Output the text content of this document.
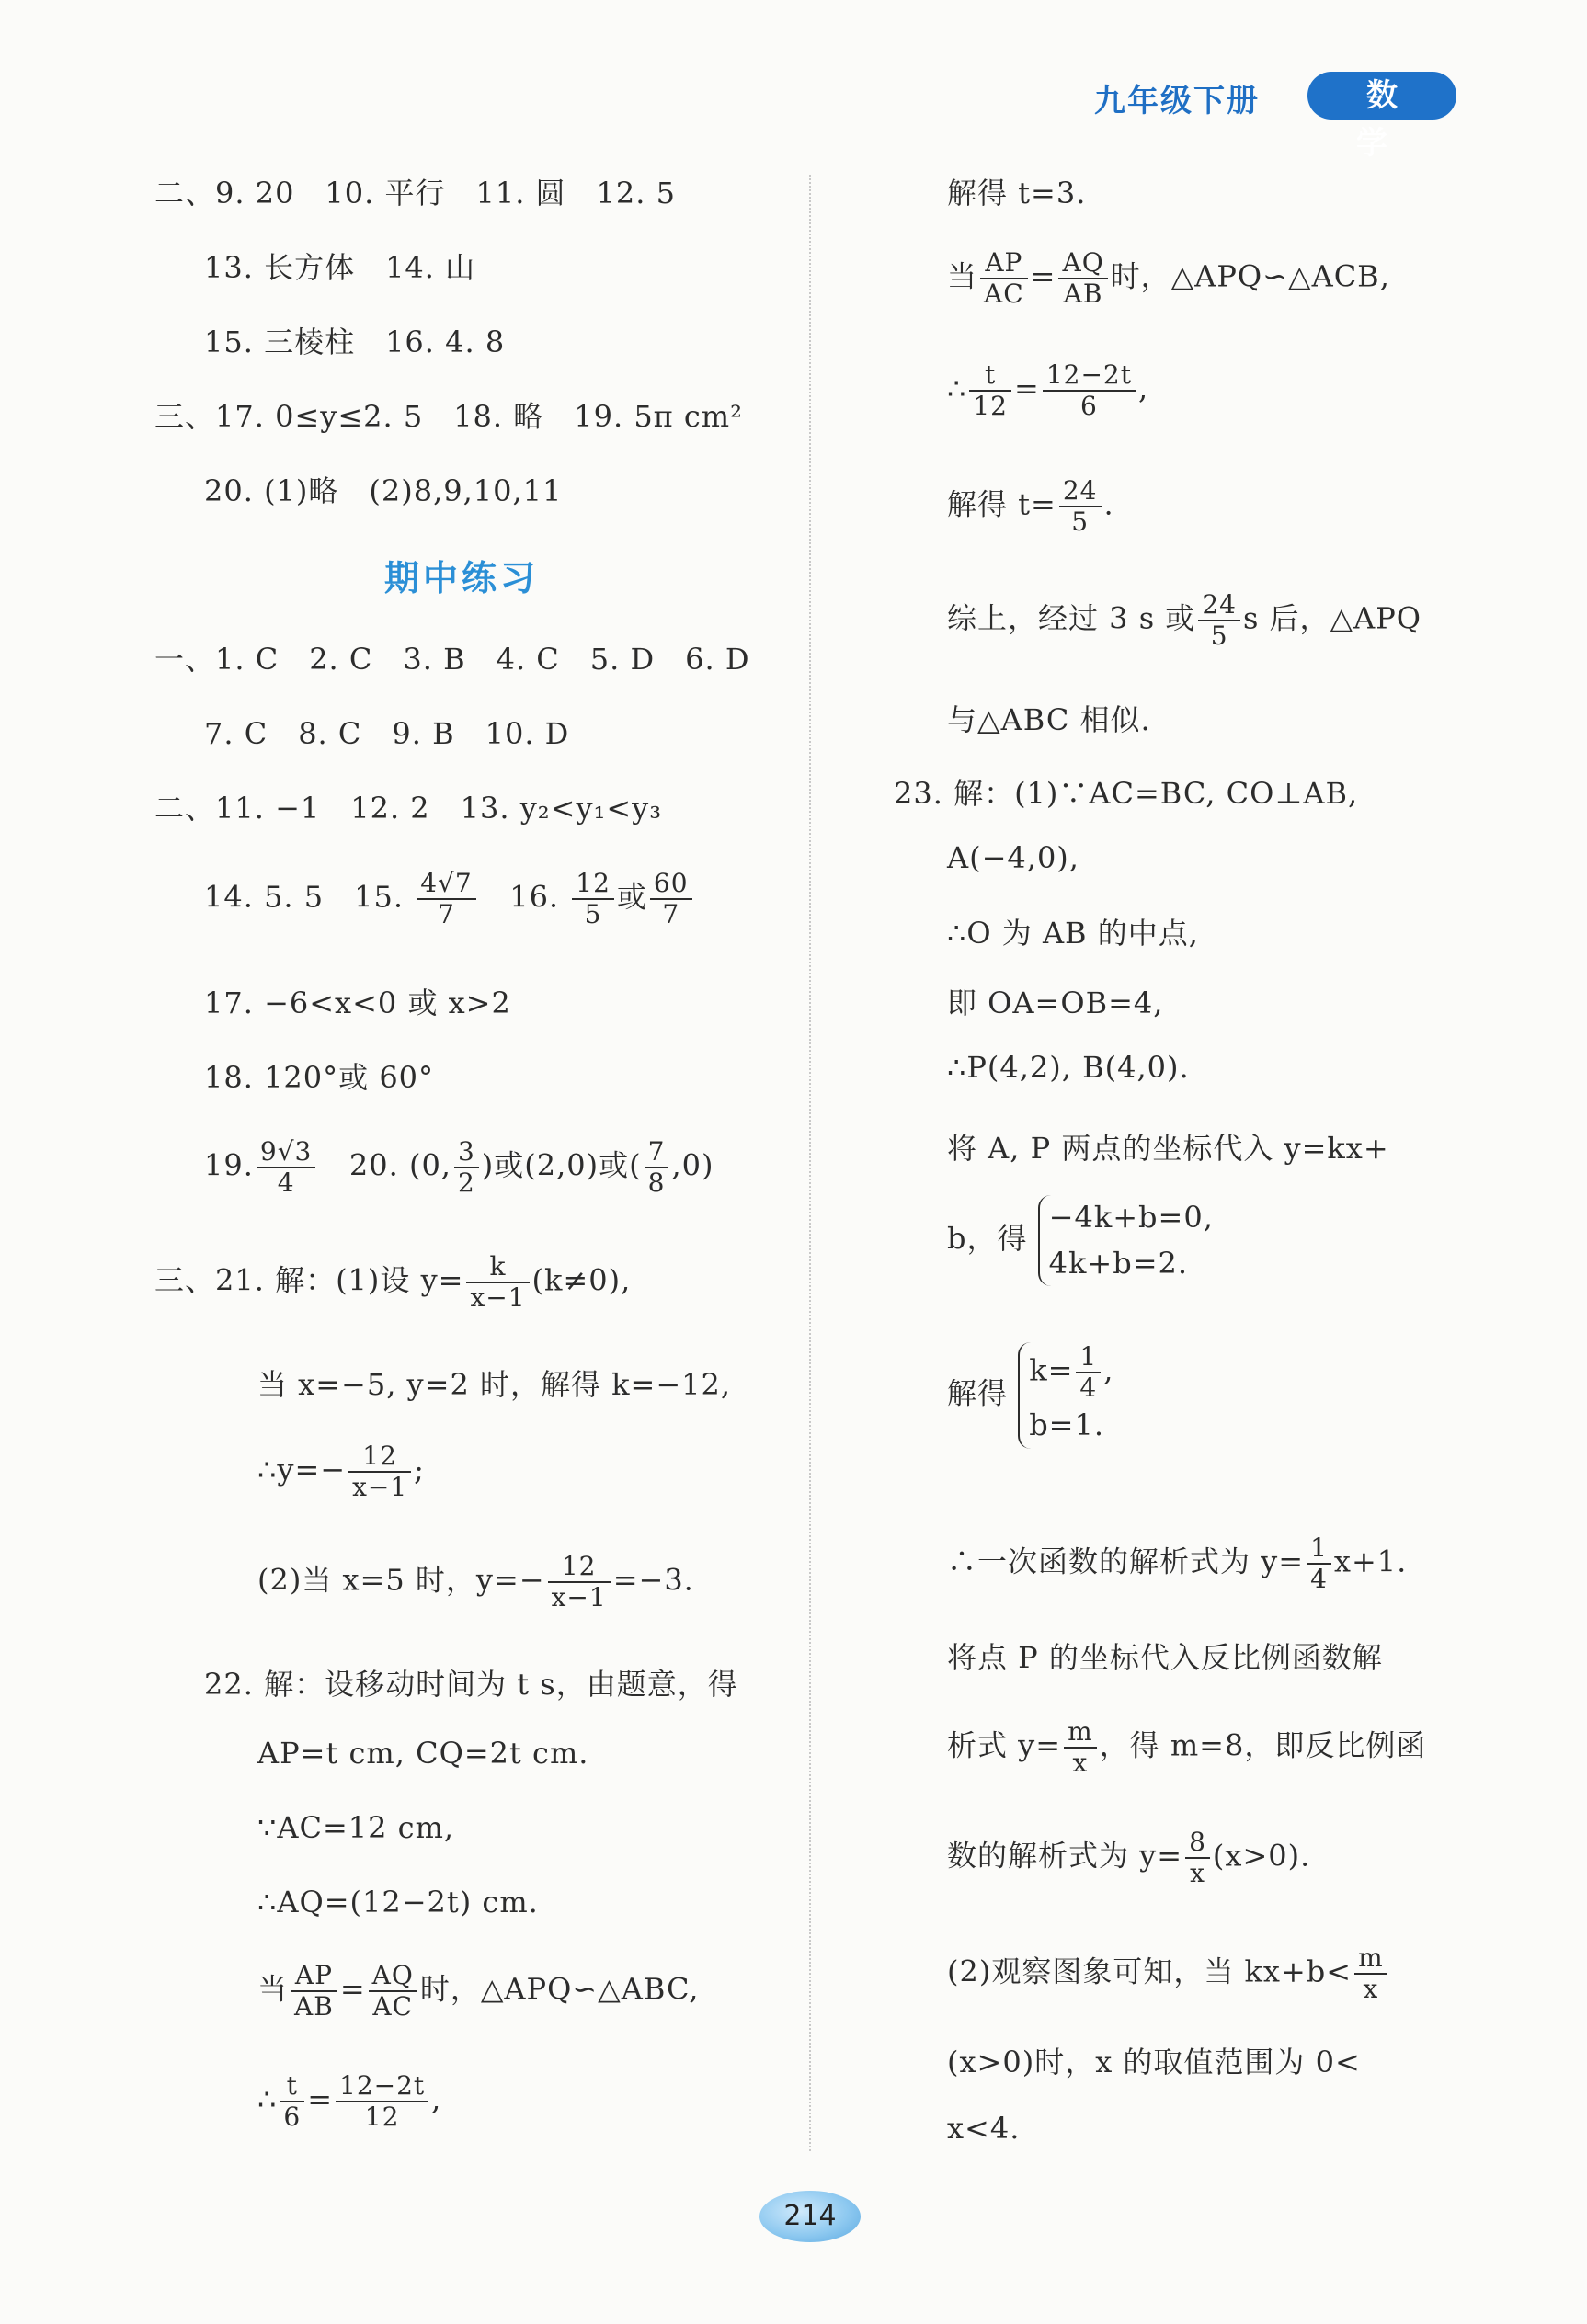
九年级下册	数 学
二、9. 20　10. 平行　11. 圆　12. 5
13. 长方体　14. 山
15. 三棱柱　16. 4. 8
三、17. 0≤y≤2. 5　18. 略　19. 5π cm²
20. (1)略　(2)8,9,10,11
期中练习
一、1. C　2. C　3. B　4. C　5. D　6. D
7. C　8. C　9. B　10. D
二、11. −1　12. 2　13. y₂<y₁<y₃
14. 5. 5　15. $\frac{4√7}{7} 16$. $\frac{12}{5}$ 或 $\frac{60}{7}$
17. −6<x<0 或 x>2
18. 120°或 60°
19. $\frac{9√3}{4} 20$. (0, $\frac{3}{2}$ )或(2,0)或( $\frac{7}{8} ,0$)
三、21. 解：(1)设 $y= \frac{k}{x-1} (k\ne 0)$,
当 x=−5, y=2 时，解得 k=−12,
∴y=− $\frac{12}{x-1}$ ;
(2)当 x=5 时，$y=- \frac{12}{x-1} =-3$.
22. 解：设移动时间为 t s，由题意，得
AP=t cm, CQ=2t cm.
∵AC=12 cm,
∴AQ=(12−2t) cm.
当 $\frac{AP}{AB} = \frac{AQ}{AC}$ 时，△APQ∽△ABC,
∴ $\frac{t}{6} = \frac{12-2t}{12}$ ,
解得 t=3.
当 $\frac{AP}{AC} = \frac{AQ}{AB}$ 时，△APQ∽△ACB,
∴ $\frac{t}{12} = \frac{12-2t}{6}$ ,
解得 $t= \frac{24}{5}$ .
综上，经过 3 s 或 $\frac{24}{5}$ s 后，△APQ
与△ABC 相似.
23. 解：(1)∵AC=BC, CO⊥AB,
A(−4,0),
∴O 为 AB 的中点,
即 OA=OB=4,
∴P(4,2), B(4,0).
将 A, P 两点的坐标代入 y=kx+
b，得
−4k+b=0,
4k+b=2.
解得
$k= \frac{1}{4}$ ,
b=1.
∴一次函数的解析式为 $y= \frac{1}{4} x+1$.
将点 P 的坐标代入反比例函数解
析式 $y= \frac{m}{x}$ ，得 m=8，即反比例函
数的解析式为 $y= \frac{8}{x} (x>0)$.
(2)观察图象可知，当 $kx+b< \frac{m}{x}$
(x>0)时，x 的取值范围为 0<
x<4.
214
